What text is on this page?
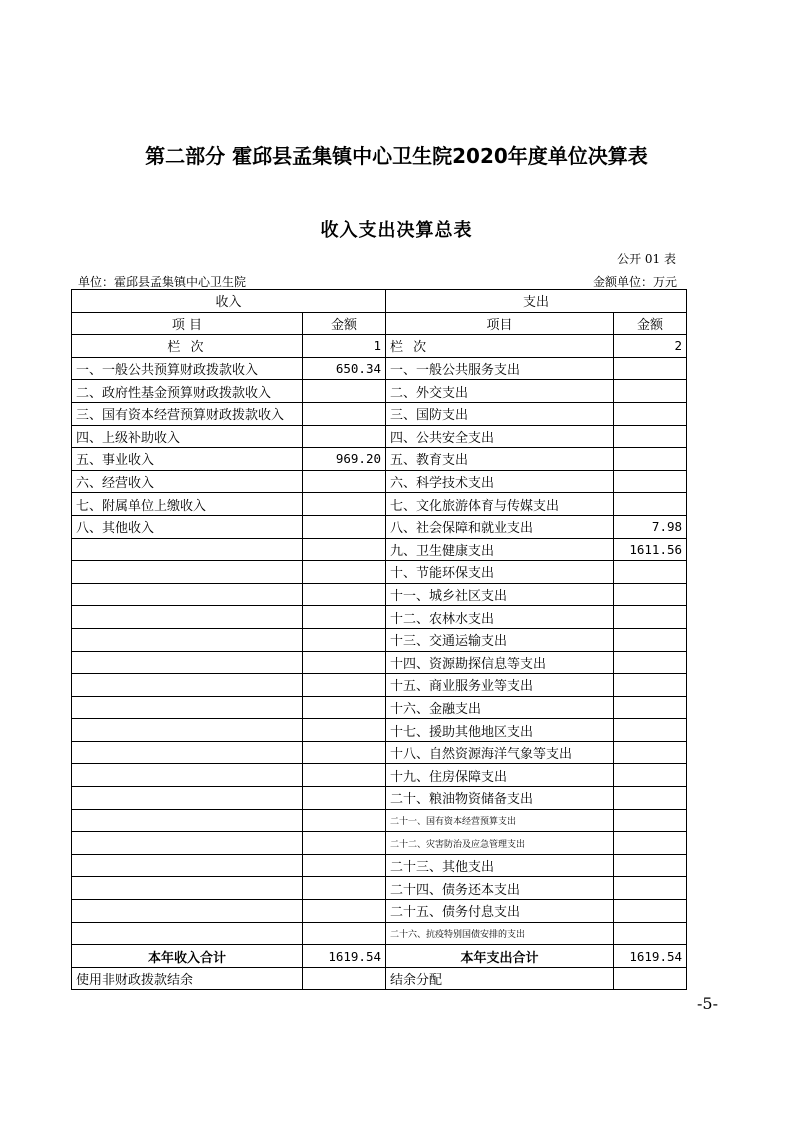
第二部分 霍邱县孟集镇中心卫生院2020年度单位决算表
收入支出决算总表
公开 01 表
单位：霍邱县孟集镇中心卫生院	金额单位：万元
收入		支出	
项 目	金额	项目	金额
栏 次	1	栏 次	2
一、一般公共预算财政拨款收入	650.34	一、一般公共服务支出	
二、政府性基金预算财政拨款收入		二、外交支出	
三、国有资本经营预算财政拨款收入		三、国防支出	
四、上级补助收入		四、公共安全支出	
五、事业收入	969.20	五、教育支出	
六、经营收入		六、科学技术支出	
七、附属单位上缴收入		七、文化旅游体育与传媒支出	
八、其他收入		八、社会保障和就业支出	7.98
		九、卫生健康支出	1611.56
		十、节能环保支出	
		十一、城乡社区支出	
		十二、农林水支出	
		十三、交通运输支出	
		十四、资源勘探信息等支出	
		十五、商业服务业等支出	
		十六、金融支出	
		十七、援助其他地区支出	
		十八、自然资源海洋气象等支出	
		十九、住房保障支出	
		二十、粮油物资储备支出	
		二十一、国有资本经营预算支出	
		二十二、灾害防治及应急管理支出	
		二十三、其他支出	
		二十四、债务还本支出	
		二十五、债务付息支出	
		二十六、抗疫特别国债安排的支出	
本年收入合计	1619.54	本年支出合计	1619.54
使用非财政拨款结余		结余分配	
-5-
